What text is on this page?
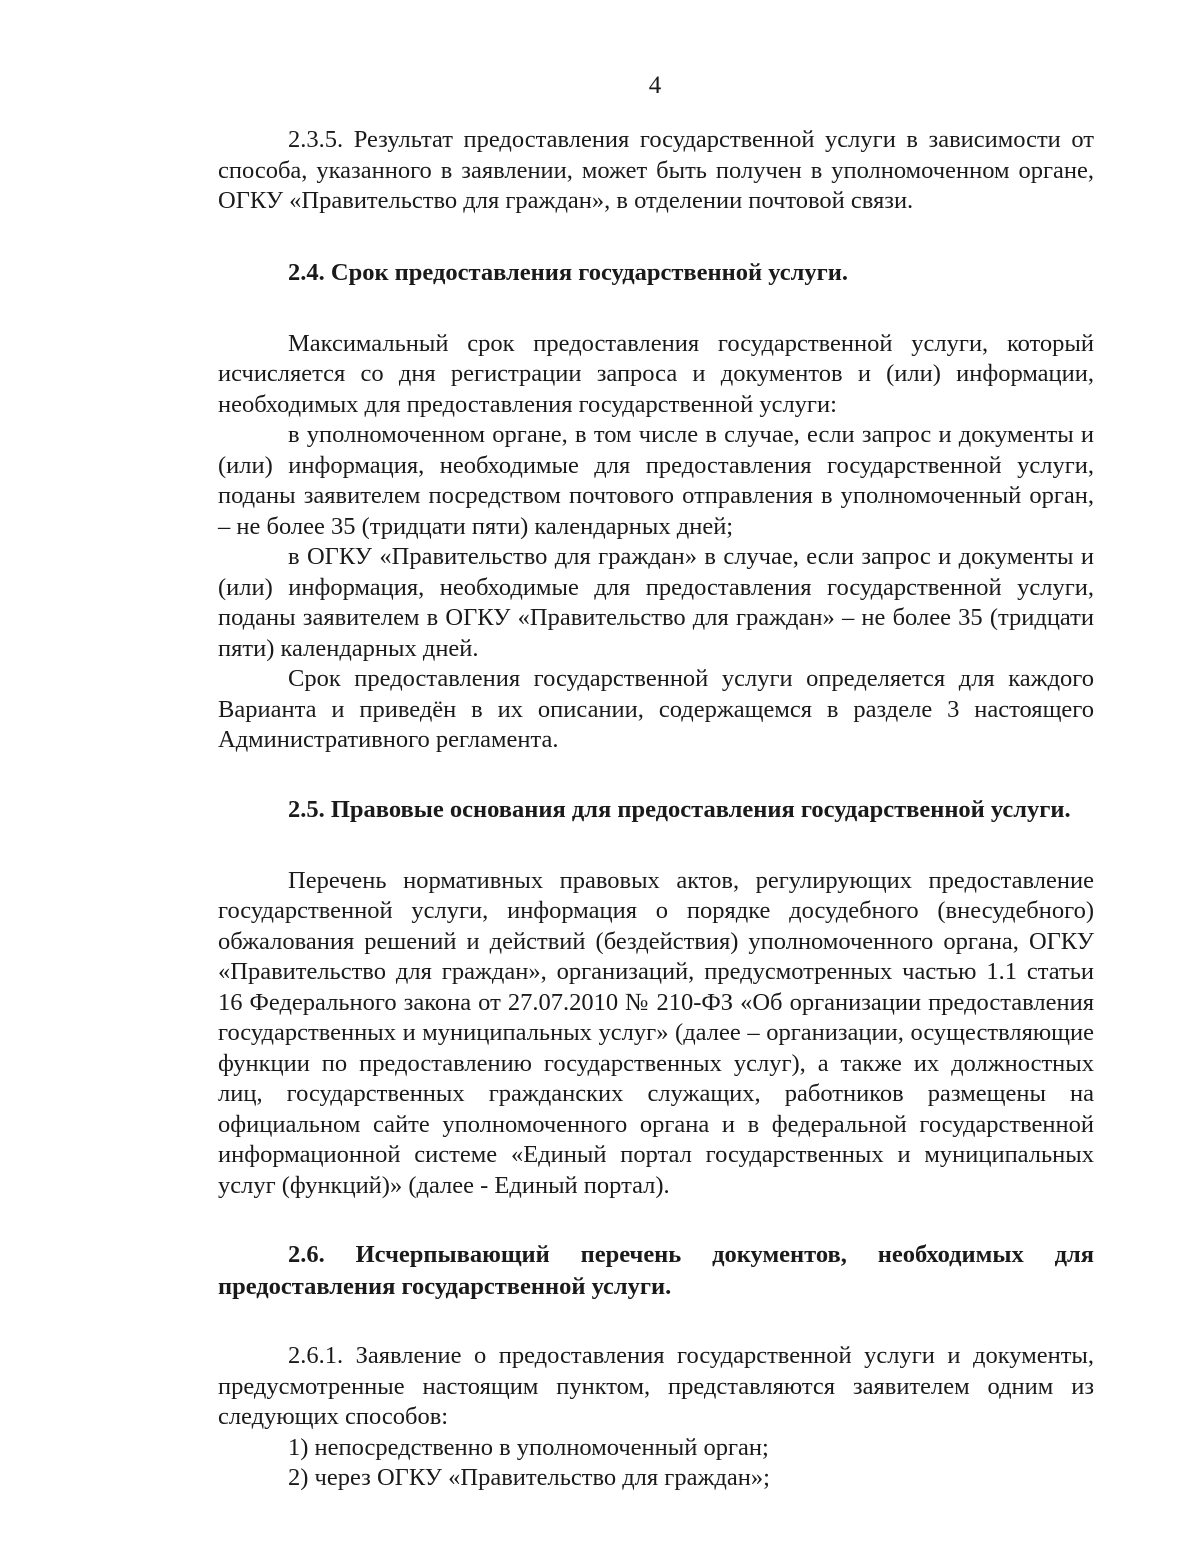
4

2.3.5. Результат предоставления государственной услуги в зависимости от способа, указанного в заявлении, может быть получен в уполномоченном органе, ОГКУ «Правительство для граждан», в отделении почтовой связи.

2.4. Срок предоставления государственной услуги.

Максимальный срок предоставления государственной услуги, который исчисляется со дня регистрации запроса и документов и (или) информации, необходимых для предоставления государственной услуги:

в уполномоченном органе, в том числе в случае, если запрос и документы и (или) информация, необходимые для предоставления государственной услуги, поданы заявителем посредством почтового отправления в уполномоченный орган, – не более 35 (тридцати пяти) календарных дней;

в ОГКУ «Правительство для граждан» в случае, если запрос и документы и (или) информация, необходимые для предоставления государственной услуги, поданы заявителем в ОГКУ «Правительство для граждан» – не более 35 (тридцати пяти) календарных дней.

Срок предоставления государственной услуги определяется для каждого Варианта и приведён в их описании, содержащемся в разделе 3 настоящего Административного регламента.

2.5. Правовые основания для предоставления государственной услуги.

Перечень нормативных правовых актов, регулирующих предоставление государственной услуги, информация о порядке досудебного (внесудебного) обжалования решений и действий (бездействия) уполномоченного органа, ОГКУ «Правительство для граждан», организаций, предусмотренных частью 1.1 статьи 16 Федерального закона от 27.07.2010 № 210-ФЗ «Об организации предоставления государственных и муниципальных услуг» (далее – организации, осуществляющие функции по предоставлению государственных услуг), а также их должностных лиц, государственных гражданских служащих, работников размещены на официальном сайте уполномоченного органа и в федеральной государственной информационной системе «Единый портал государственных и муниципальных услуг (функций)» (далее - Единый портал).

2.6. Исчерпывающий перечень документов, необходимых для предоставления государственной услуги.

2.6.1. Заявление о предоставления государственной услуги и документы, предусмотренные настоящим пунктом, представляются заявителем одним из следующих способов:

1) непосредственно в уполномоченный орган;

2) через ОГКУ «Правительство для граждан»;
